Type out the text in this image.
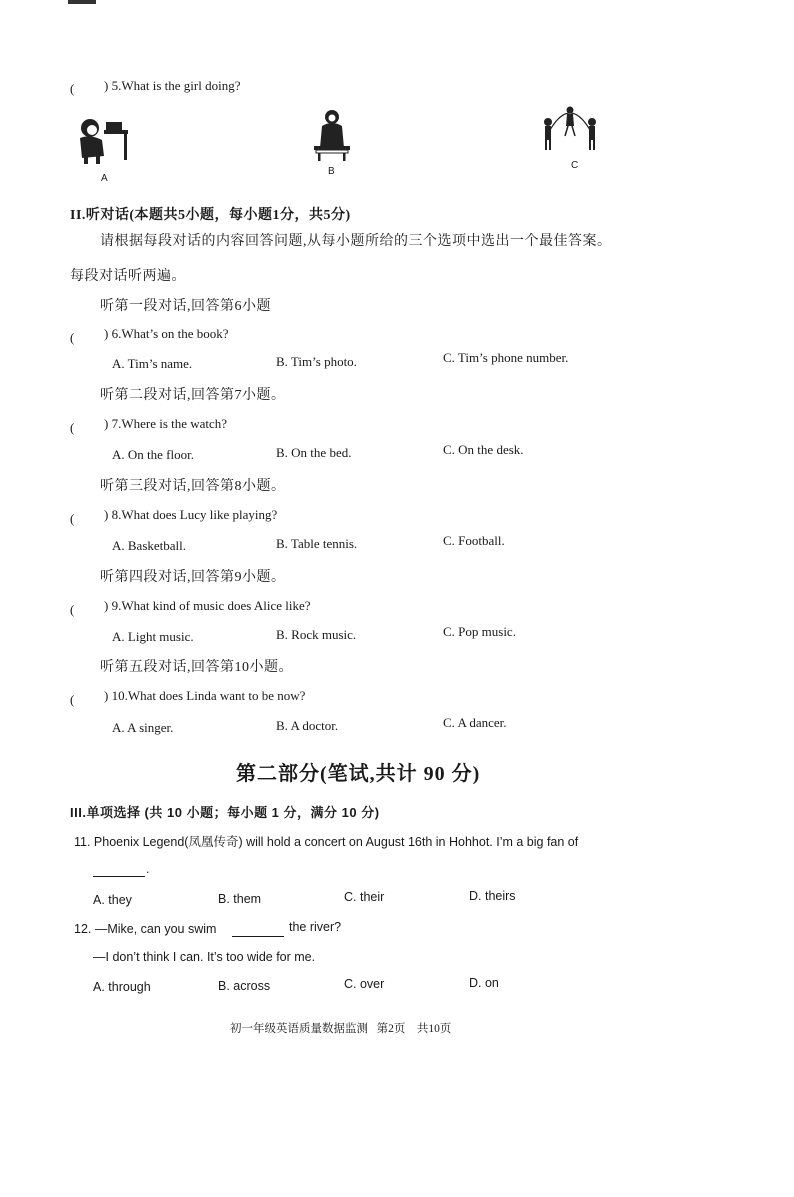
( ) 5.What is the girl doing?
A
B
C
II.听对话(本题共5小题，每小题1分，共5分)
请根据每段对话的内容回答问题,从每小题所给的三个选项中选出一个最佳答案。
每段对话听两遍。
听第一段对话,回答第6小题
( ) 6.What’s on the book?
A. Tim’s name.	B. Tim’s photo.	C. Tim’s phone number.
听第二段对话,回答第7小题。
( ) 7.Where is the watch?
A. On the floor.	B. On the bed.	C. On the desk.
听第三段对话,回答第8小题。
( ) 8.What does Lucy like playing?
A. Basketball.	B. Table tennis.	C. Football.
听第四段对话,回答第9小题。
( ) 9.What kind of music does Alice like?
A. Light music.	B. Rock music.	C. Pop music.
听第五段对话,回答第10小题。
( ) 10.What does Linda want to be now?
A. A singer.	B. A doctor.	C. A dancer.
第二部分(笔试,共计 90 分)
III.单项选择 (共 10 小题；每小题 1 分，满分 10 分)
11. Phoenix Legend(凤凰传奇) will hold a concert on August 16th in Hohhot. I’m a big fan of
.
A. they	B. them	C. their	D. theirs
12. —Mike, can you swim	the river?
—I don’t think I can. It’s too wide for me.
A. through	B. across	C. over	D. on
初一年级英语质量数据监测   第2页    共10页
